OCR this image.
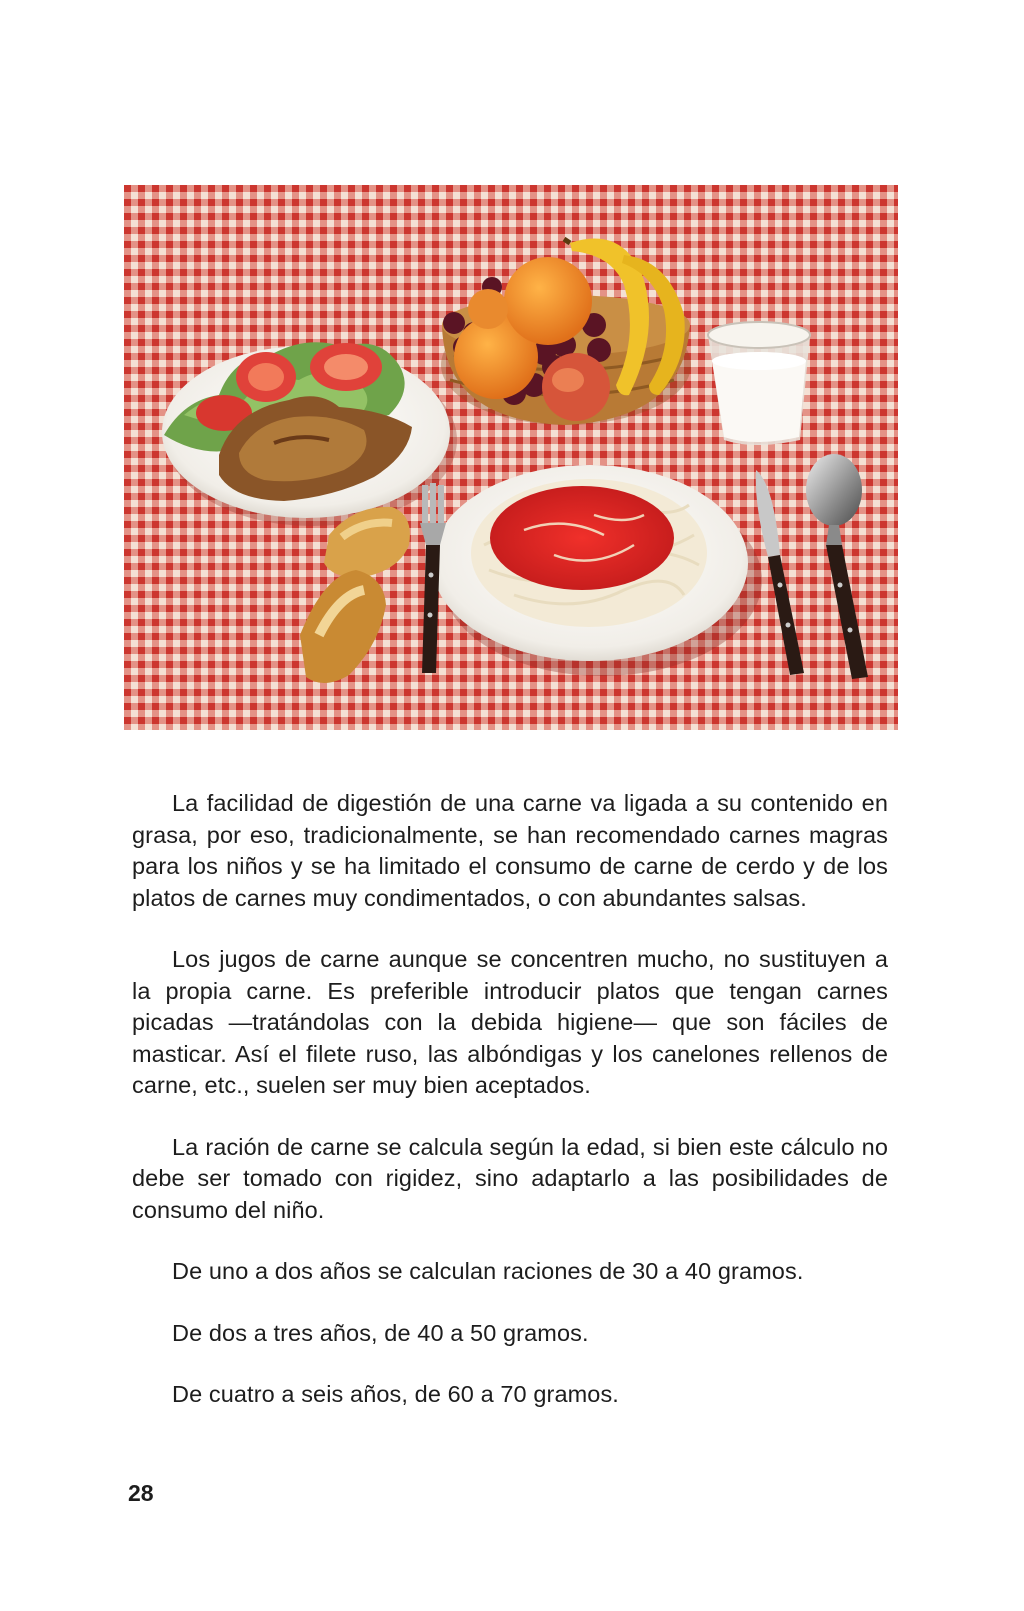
La facilidad de digestión de una carne va ligada a su contenido en grasa, por eso, tradicionalmente, se han recomendado carnes magras para los niños y se ha limitado el consumo de carne de cerdo y de los platos de carnes muy condimentados, o con abundantes salsas.

Los jugos de carne aunque se concentren mucho, no sustituyen a la propia carne. Es preferible introducir platos que tengan carnes picadas —tratándolas con la debida higiene— que son fáciles de masticar. Así el filete ruso, las albóndigas y los canelones rellenos de carne, etc., suelen ser muy bien aceptados.

La ración de carne se calcula según la edad, si bien este cálculo no debe ser tomado con rigidez, sino adaptarlo a las posibilidades de consumo del niño.

De uno a dos años se calculan raciones de 30 a 40 gramos.

De dos a tres años, de 40 a 50 gramos.

De cuatro a seis años, de 60 a 70 gramos.

28
